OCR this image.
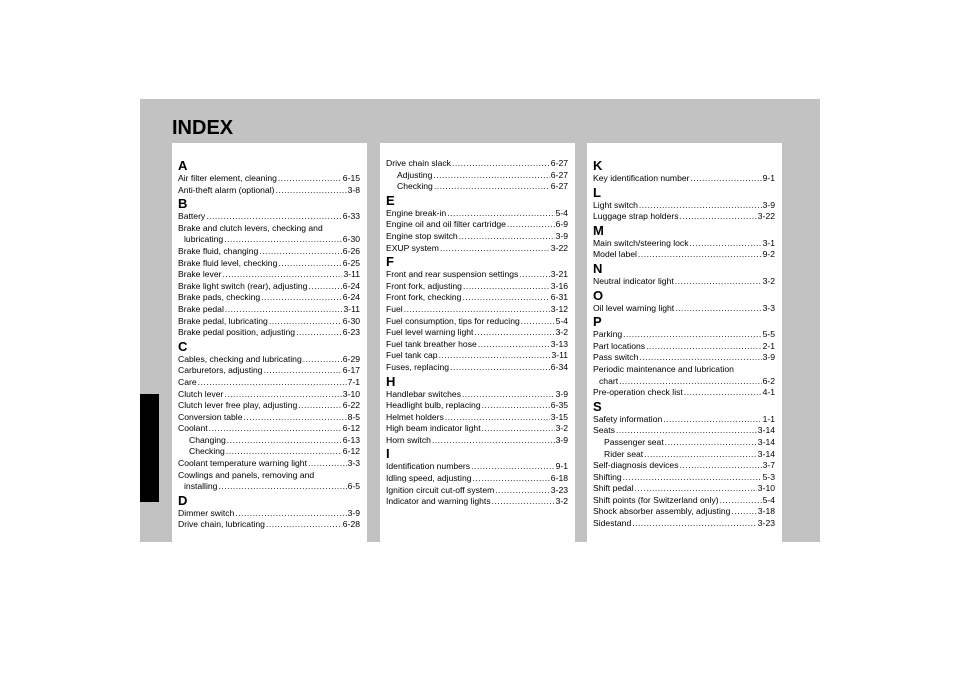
INDEX
A
Air filter element, cleaning .....	6-15
Anti-theft alarm (optional) .....	3-8
B
Battery .....	6-33
Brake and clutch levers, checking and
lubricating .....	6-30
Brake fluid, changing .....	6-26
Brake fluid level, checking .....	6-25
Brake lever .....	3-11
Brake light switch (rear), adjusting .....	6-24
Brake pads, checking .....	6-24
Brake pedal .....	3-11
Brake pedal, lubricating .....	6-30
Brake pedal position, adjusting .....	6-23
C
Cables, checking and lubricating .....	6-29
Carburetors, adjusting .....	6-17
Care .....	7-1
Clutch lever .....	3-10
Clutch lever free play, adjusting .....	6-22
Conversion table .....	8-5
Coolant .....	6-12
Changing .....	6-13
Checking .....	6-12
Coolant temperature warning light .....	3-3
Cowlings and panels, removing and
installing .....	6-5
D
Dimmer switch .....	3-9
Drive chain, lubricating .....	6-28
Drive chain slack .....	6-27
Adjusting .....	6-27
Checking .....	6-27
E
Engine break-in .....	5-4
Engine oil and oil filter cartridge .....	6-9
Engine stop switch .....	3-9
EXUP system .....	3-22
F
Front and rear suspension settings .....	3-21
Front fork, adjusting .....	3-16
Front fork, checking .....	6-31
Fuel .....	3-12
Fuel consumption, tips for reducing .....	5-4
Fuel level warning light .....	3-2
Fuel tank breather hose .....	3-13
Fuel tank cap .....	3-11
Fuses, replacing .....	6-34
H
Handlebar switches .....	3-9
Headlight bulb, replacing .....	6-35
Helmet holders .....	3-15
High beam indicator light .....	3-2
Horn switch .....	3-9
I
Identification numbers .....	9-1
Idling speed, adjusting .....	6-18
Ignition circuit cut-off system .....	3-23
Indicator and warning lights .....	3-2
K
Key identification number .....	9-1
L
Light switch .....	3-9
Luggage strap holders .....	3-22
M
Main switch/steering lock .....	3-1
Model label .....	9-2
N
Neutral indicator light .....	3-2
O
Oil level warning light .....	3-3
P
Parking .....	5-5
Part locations .....	2-1
Pass switch .....	3-9
Periodic maintenance and lubrication
chart .....	6-2
Pre-operation check list .....	4-1
S
Safety information .....	1-1
Seats .....	3-14
Passenger seat .....	3-14
Rider seat .....	3-14
Self-diagnosis devices .....	3-7
Shifting .....	5-3
Shift pedal .....	3-10
Shift points (for Switzerland only) .....	5-4
Shock absorber assembly, adjusting .....	3-18
Sidestand .....	3-23
